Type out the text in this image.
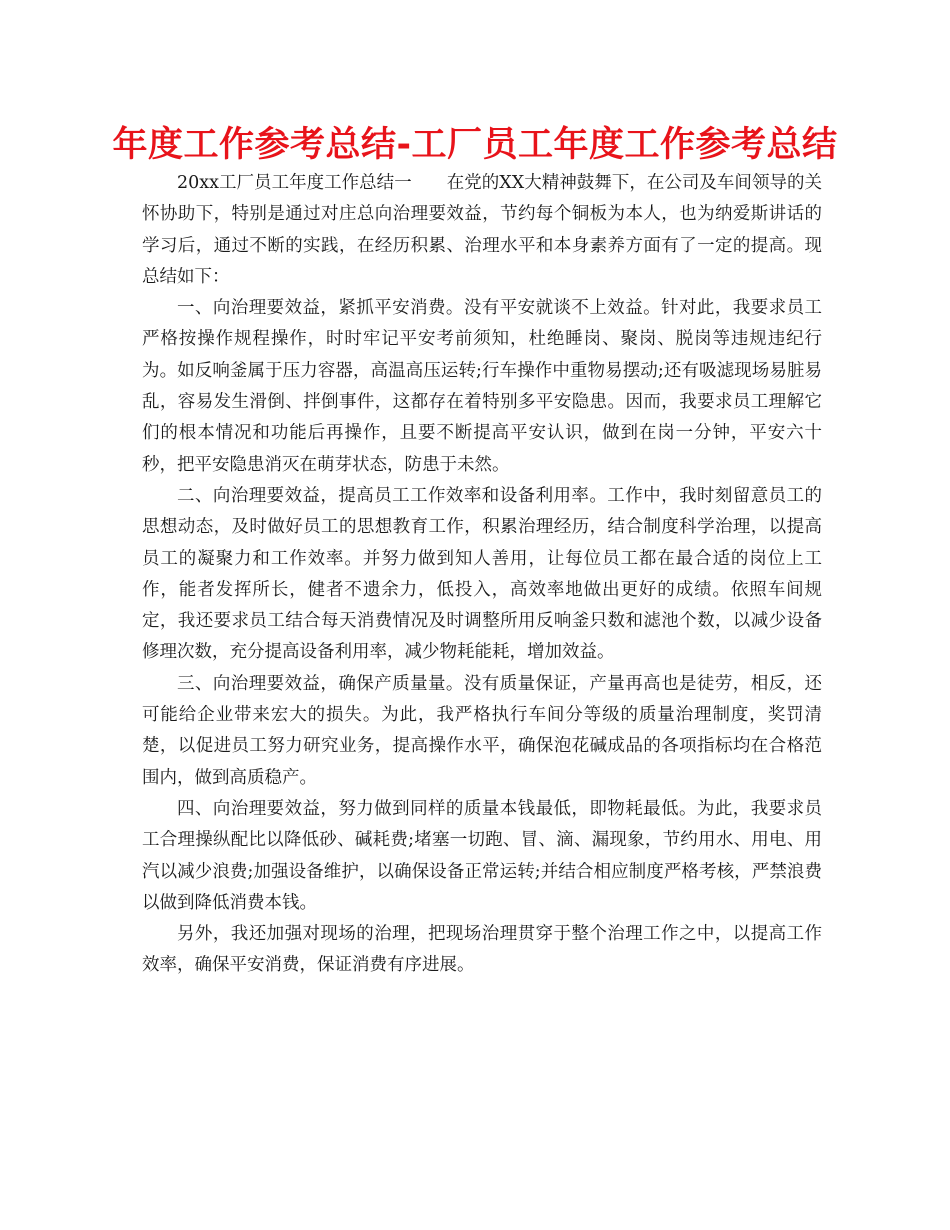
年度工作参考总结-工厂员工年度工作参考总结

20xx工厂员工年度工作总结一　　在党的XX大精神鼓舞下，在公司及车间领导的关怀协助下，特别是通过对庄总向治理要效益，节约每个铜板为本人，也为纳爱斯讲话的学习后，通过不断的实践，在经历积累、治理水平和本身素养方面有了一定的提高。现总结如下：

一、向治理要效益，紧抓平安消费。没有平安就谈不上效益。针对此，我要求员工严格按操作规程操作，时时牢记平安考前须知，杜绝睡岗、聚岗、脱岗等违规违纪行为。如反响釜属于压力容器，高温高压运转;行车操作中重物易摆动;还有吸滤现场易脏易乱，容易发生滑倒、拌倒事件，这都存在着特别多平安隐患。因而，我要求员工理解它们的根本情况和功能后再操作，且要不断提高平安认识，做到在岗一分钟，平安六十秒，把平安隐患消灭在萌芽状态，防患于未然。

二、向治理要效益，提高员工工作效率和设备利用率。工作中，我时刻留意员工的思想动态，及时做好员工的思想教育工作，积累治理经历，结合制度科学治理，以提高员工的凝聚力和工作效率。并努力做到知人善用，让每位员工都在最合适的岗位上工作，能者发挥所长，健者不遗余力，低投入，高效率地做出更好的成绩。依照车间规定，我还要求员工结合每天消费情况及时调整所用反响釜只数和滤池个数，以减少设备修理次数，充分提高设备利用率，减少物耗能耗，增加效益。

三、向治理要效益，确保产质量量。没有质量保证，产量再高也是徒劳，相反，还可能给企业带来宏大的损失。为此，我严格执行车间分等级的质量治理制度，奖罚清楚，以促进员工努力研究业务，提高操作水平，确保泡花碱成品的各项指标均在合格范围内，做到高质稳产。

四、向治理要效益，努力做到同样的质量本钱最低，即物耗最低。为此，我要求员工合理操纵配比以降低砂、碱耗费;堵塞一切跑、冒、滴、漏现象，节约用水、用电、用汽以减少浪费;加强设备维护，以确保设备正常运转;并结合相应制度严格考核，严禁浪费以做到降低消费本钱。

另外，我还加强对现场的治理，把现场治理贯穿于整个治理工作之中，以提高工作效率，确保平安消费，保证消费有序进展。
